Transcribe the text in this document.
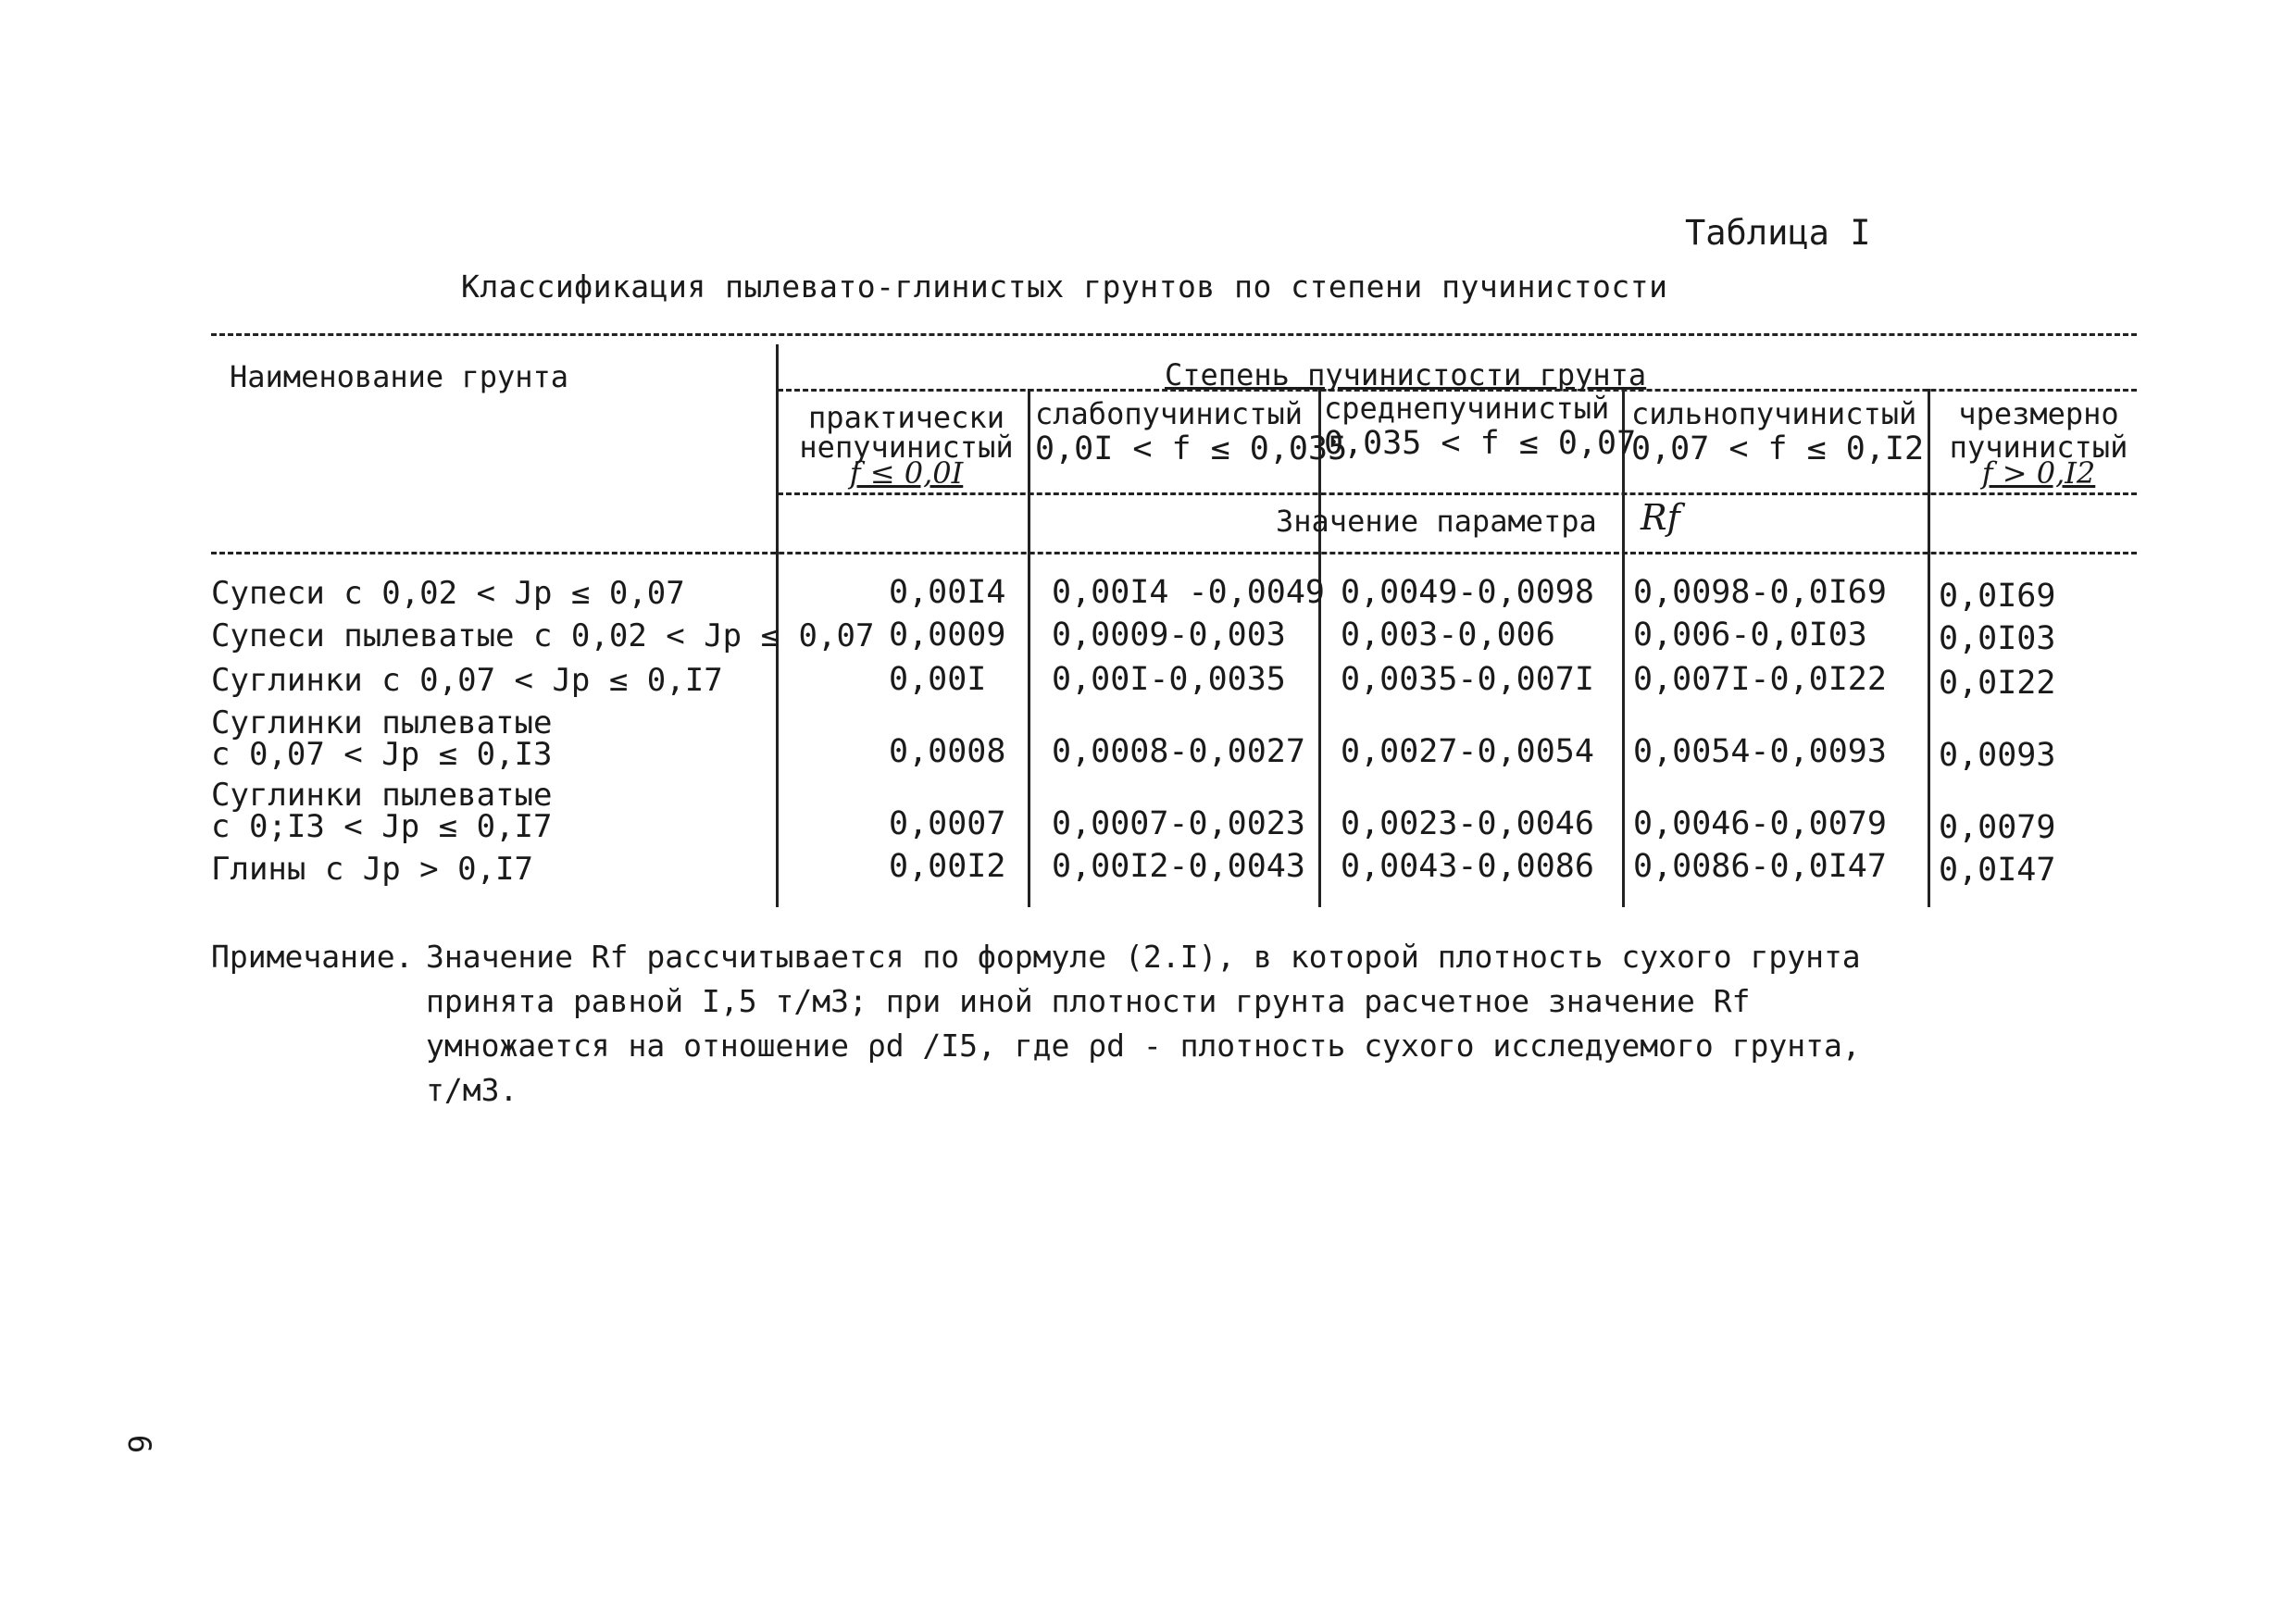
Таблица I
Классификация пылевато-глинистых грунтов по степени пучинистости
Наименование грунта	Степень пучинистости грунта
практически
непучинистый
f ≤ 0,0I
слабопучинистый
0,0I < f ≤ 0,035
среднепучинистый
0,035 < f ≤ 0,07
сильнопучинистый
0,07 < f ≤ 0,I2
чрезмерно
пучинистый
f > 0,I2
Значение параметра Rf
Супеси с 0,02 < Jp ≤ 0,07	0,00I4 0,00I4 -0,0049 0,0049-0,0098 0,0098-0,0I69 0,0I69
Супеси пылеватые с 0,02 < Jp ≤ 0,07 0,0009 0,0009-0,003 0,003-0,006 0,006-0,0I03 0,0I03
Суглинки с 0,07 < Jp ≤ 0,I7	0,00I 0,00I-0,0035 0,0035-0,007I 0,007I-0,0I22 0,0I22
Суглинки пылеватые
с 0,07 < Jp ≤ 0,I3	0,0008 0,0008-0,0027 0,0027-0,0054 0,0054-0,0093 0,0093
Суглинки пылеватые
с 0;I3 < Jp ≤ 0,I7	0,0007 0,0007-0,0023 0,0023-0,0046 0,0046-0,0079 0,0079
Глины с Jp > 0,I7	0,00I2 0,00I2-0,0043 0,0043-0,0086 0,0086-0,0I47 0,0I47
Примечание. Значение Rf рассчитывается по формуле (2.I), в которой плотность сухого грунта принята равной I,5 т/м3; при иной плотности грунта расчетное значение Rf умножается на отношение ρd /I5, где ρd - плотность сухого исследуемого грунта, т/м3.
6
